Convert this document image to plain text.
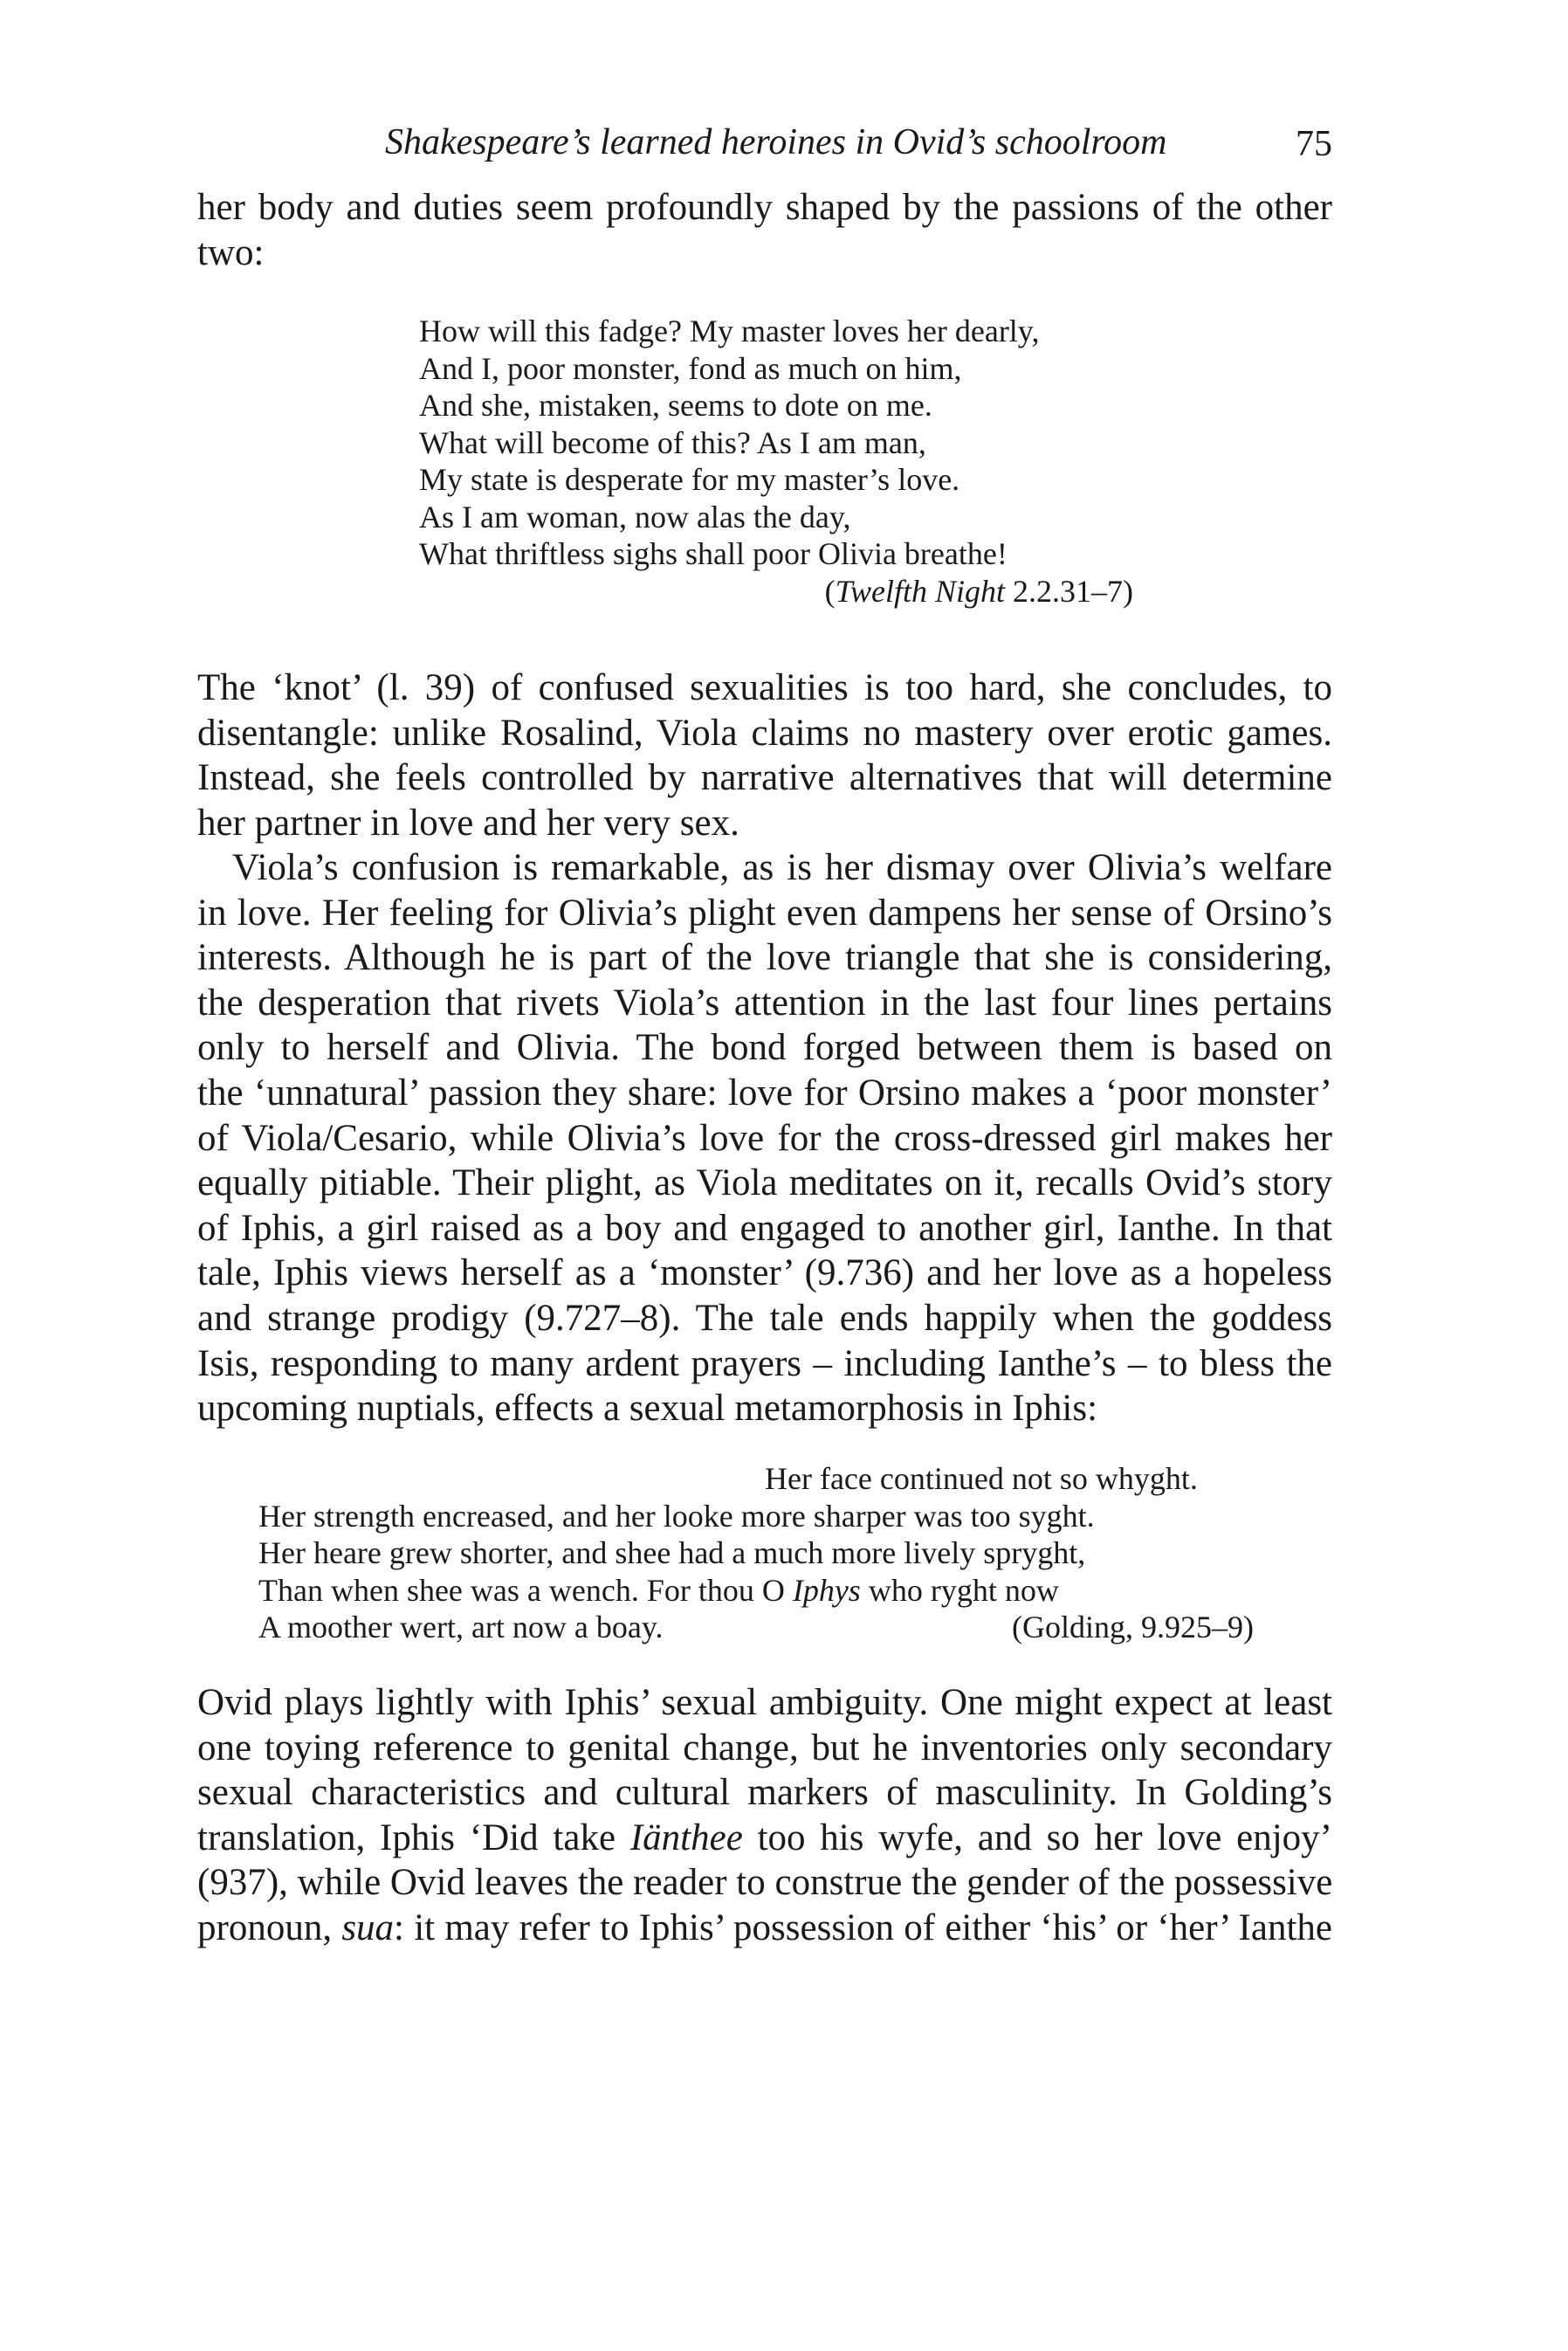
Shakespeare’s learned heroines in Ovid’s schoolroom	75
her body and duties seem profoundly shaped by the passions of the other
two:
How will this fadge? My master loves her dearly,
And I, poor monster, fond as much on him,
And she, mistaken, seems to dote on me.
What will become of this? As I am man,
My state is desperate for my master’s love.
As I am woman, now alas the day,
What thriftless sighs shall poor Olivia breathe!
(Twelfth Night 2.2.31–7)
The ‘knot’ (l. 39) of confused sexualities is too hard, she concludes, to
disentangle: unlike Rosalind, Viola claims no mastery over erotic games.
Instead, she feels controlled by narrative alternatives that will determine
her partner in love and her very sex.
Viola’s confusion is remarkable, as is her dismay over Olivia’s welfare
in love. Her feeling for Olivia’s plight even dampens her sense of Orsino’s
interests. Although he is part of the love triangle that she is considering,
the desperation that rivets Viola’s attention in the last four lines pertains
only to herself and Olivia. The bond forged between them is based on
the ‘unnatural’ passion they share: love for Orsino makes a ‘poor monster’
of Viola/Cesario, while Olivia’s love for the cross-dressed girl makes her
equally pitiable. Their plight, as Viola meditates on it, recalls Ovid’s story
of Iphis, a girl raised as a boy and engaged to another girl, Ianthe. In that
tale, Iphis views herself as a ‘monster’ (9.736) and her love as a hopeless
and strange prodigy (9.727–8). The tale ends happily when the goddess
Isis, responding to many ardent prayers – including Ianthe’s – to bless the
upcoming nuptials, effects a sexual metamorphosis in Iphis:
Her face continued not so whyght.
Her strength encreased, and her looke more sharper was too syght.
Her heare grew shorter, and shee had a much more lively spryght,
Than when shee was a wench. For thou O Iphys who ryght now
A moother wert, art now a boay.	(Golding, 9.925–9)
Ovid plays lightly with Iphis’ sexual ambiguity. One might expect at least
one toying reference to genital change, but he inventories only secondary
sexual characteristics and cultural markers of masculinity. In Golding’s
translation, Iphis ‘Did take Iänthee too his wyfe, and so her love enjoy’
(937), while Ovid leaves the reader to construe the gender of the possessive
pronoun, sua: it may refer to Iphis’ possession of either ‘his’ or ‘her’ Ianthe
